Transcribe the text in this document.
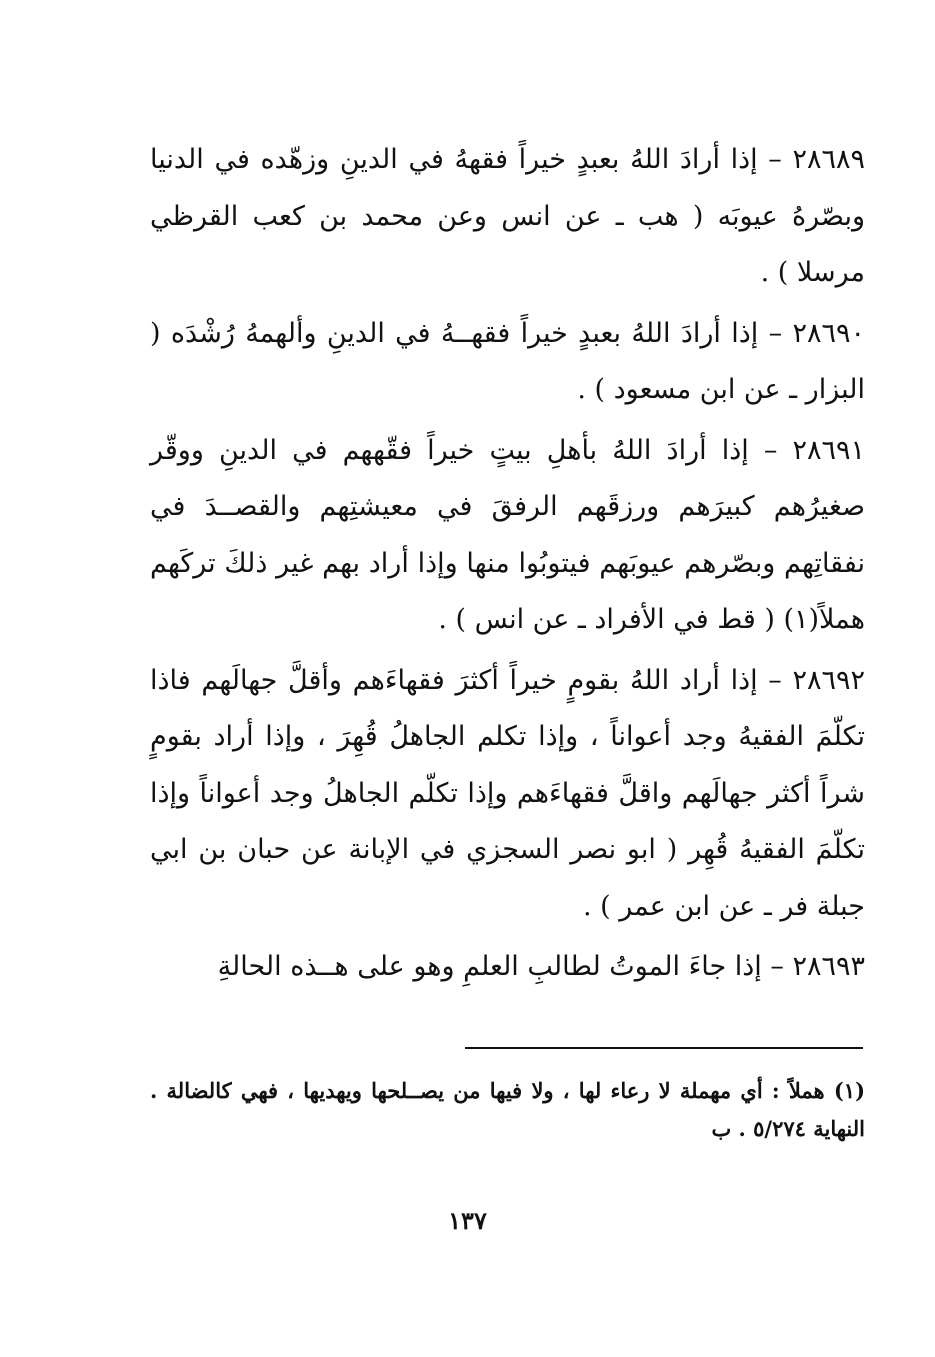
٢٨٦٨٩ – إذا أرادَ اللهُ بعبدٍ خيراً فقههُ في الدينِ وزهّده في الدنيا وبصّرهُ عيوبَه ( هب ـ عن انس وعن محمد بن كعب القرظي مرسلا ) .

٢٨٦٩٠ – إذا أرادَ اللهُ بعبدٍ خيراً فقهــهُ في الدينِ وألهمهُ رُشْدَه ( البزار ـ عن ابن مسعود ) .

٢٨٦٩١ – إذا أرادَ اللهُ بأهلِ بيتٍ خيراً فقّههم في الدينِ ووقّر صغيرُهم كبيرَهم ورزقَهم الرفقَ في معيشتِهم والقصــدَ في نفقاتِهم وبصّرهم عيوبَهم فيتوبُوا منها وإذا أراد بهم غير ذلكَ تركَهم هملاً(١) ( قط في الأفراد ـ عن انس ) .

٢٨٦٩٢ – إذا أراد اللهُ بقومٍ خيراً أكثرَ فقهاءَهم وأقلَّ جهالَهم فاذا تكلّمَ الفقيهُ وجد أعواناً ، وإذا تكلم الجاهلُ قُهِرَ ، وإذا أراد بقومٍ شراً أكثر جهالَهم واقلَّ فقهاءَهم وإذا تكلّم الجاهلُ وجد أعواناً وإذا تكلّمَ الفقيهُ قُهِر ( ابو نصر السجزي في الإبانة عن حبان بن ابي جبلة فر ـ عن ابن عمر ) .

٢٨٦٩٣ – إذا جاءَ الموتُ لطالبِ العلمِ وهو على هــذه الحالةِ

(١) هملاً : أي مهملة لا رعاء لها ، ولا فيها من يصــلحها ويهديها ، فهي كالضالة . النهاية ٥/٢٧٤ . ب

١٣٧
